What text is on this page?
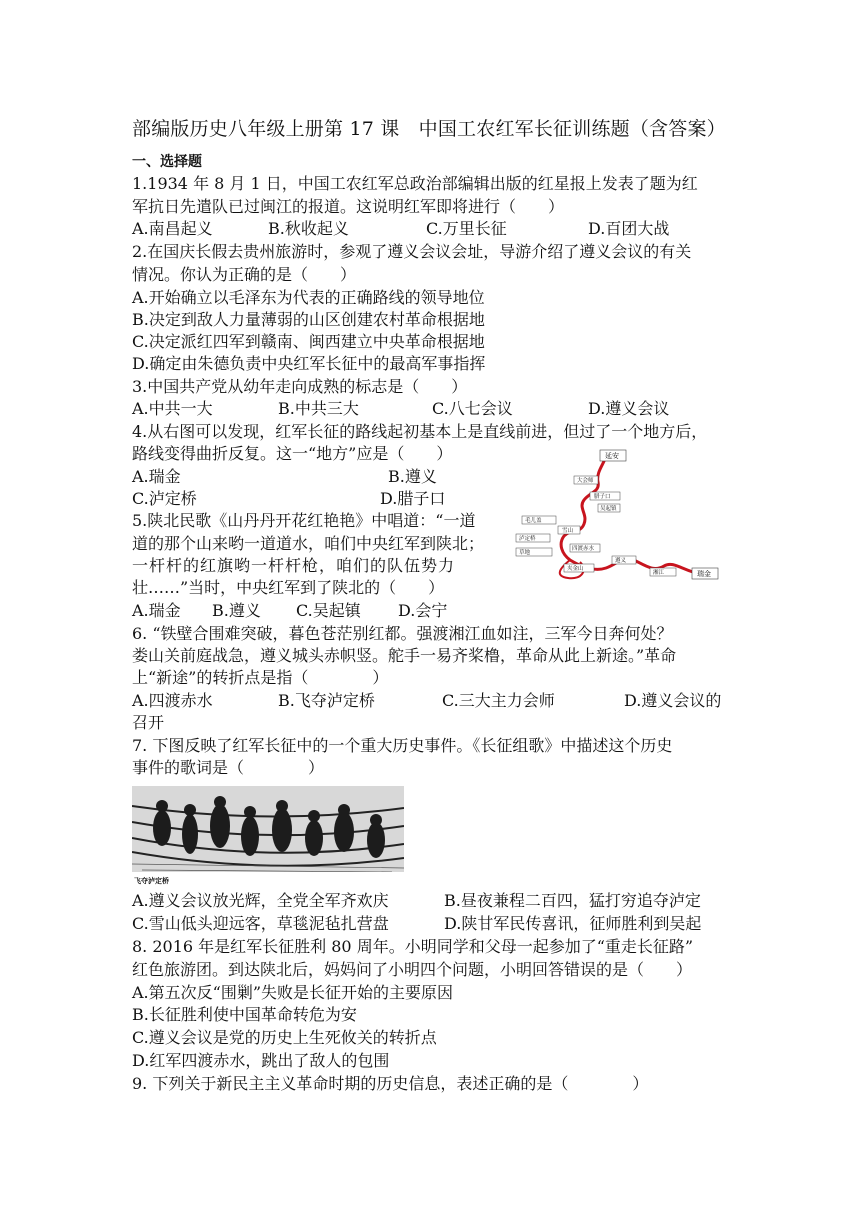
部编版历史八年级上册第 17 课　中国工农红军长征训练题（含答案）
一、选择题
1.1934 年 8 月 1 日，中国工农红军总政治部编辑出版的红星报上发表了题为红
军抗日先遣队已过闽江的报道。这说明红军即将进行（　　）
A.南昌起义	B.秋收起义	C.万里长征	D.百团大战
2.在国庆长假去贵州旅游时，参观了遵义会议会址，导游介绍了遵义会议的有关
情况。你认为正确的是（　　）
A.开始确立以毛泽东为代表的正确路线的领导地位
B.决定到敌人力量薄弱的山区创建农村革命根据地
C.决定派红四军到赣南、闽西建立中央革命根据地
D.确定由朱德负责中央红军长征中的最高军事指挥
3.中国共产党从幼年走向成熟的标志是（　　）
A.中共一大	B.中共三大	C.八七会议	D.遵义会议
4.从右图可以发现，红军长征的路线起初基本上是直线前进，但过了一个地方后，
路线变得曲折反复。这一“地方”应是（　　）
A.瑞金	B.遵义
C.泸定桥	D.腊子口
延安
大会师
腊子口
吴起镇
毛儿盖
雪山
泸定桥
遵义
瑞金
四渡赤水
湘江
草地
夹金山
5.陕北民歌《山丹丹开花红艳艳》中唱道：“一道
道的那个山来哟一道道水，咱们中央红军到陕北；
一杆杆的红旗哟一杆杆枪，咱们的队伍势力
壮……”当时，中央红军到了陕北的（　　）
A.瑞金 B.遵义 C.吴起镇 D.会宁
6. “铁壁合围难突破，暮色苍茫别红都。强渡湘江血如注，三军今日奔何处？
娄山关前庭战急，遵义城头赤帜竖。舵手一易齐桨橹，革命从此上新途。”革命
上“新途”的转折点是指（　　　　）
A.四渡赤水	B.飞夺泸定桥	C.三大主力会师	D.遵义会议的
召开
7. 下图反映了红军长征中的一个重大历史事件。《长征组歌》中描述这个历史
事件的歌词是（　　　　）
飞夺泸定桥
A.遵义会议放光辉，全党全军齐欢庆	B.昼夜兼程二百四，猛打穷追夺泸定
C.雪山低头迎远客，草毯泥毡扎营盘	D.陕甘军民传喜讯，征师胜利到吴起
8. 2016 年是红军长征胜利 80 周年。小明同学和父母一起参加了“重走长征路”
红色旅游团。到达陕北后，妈妈问了小明四个问题，小明回答错误的是（　　）
A.第五次反“围剿”失败是长征开始的主要原因
B.长征胜利使中国革命转危为安
C.遵义会议是党的历史上生死攸关的转折点
D.红军四渡赤水，跳出了敌人的包围
9. 下列关于新民主主义革命时期的历史信息，表述正确的是（　　　　）
